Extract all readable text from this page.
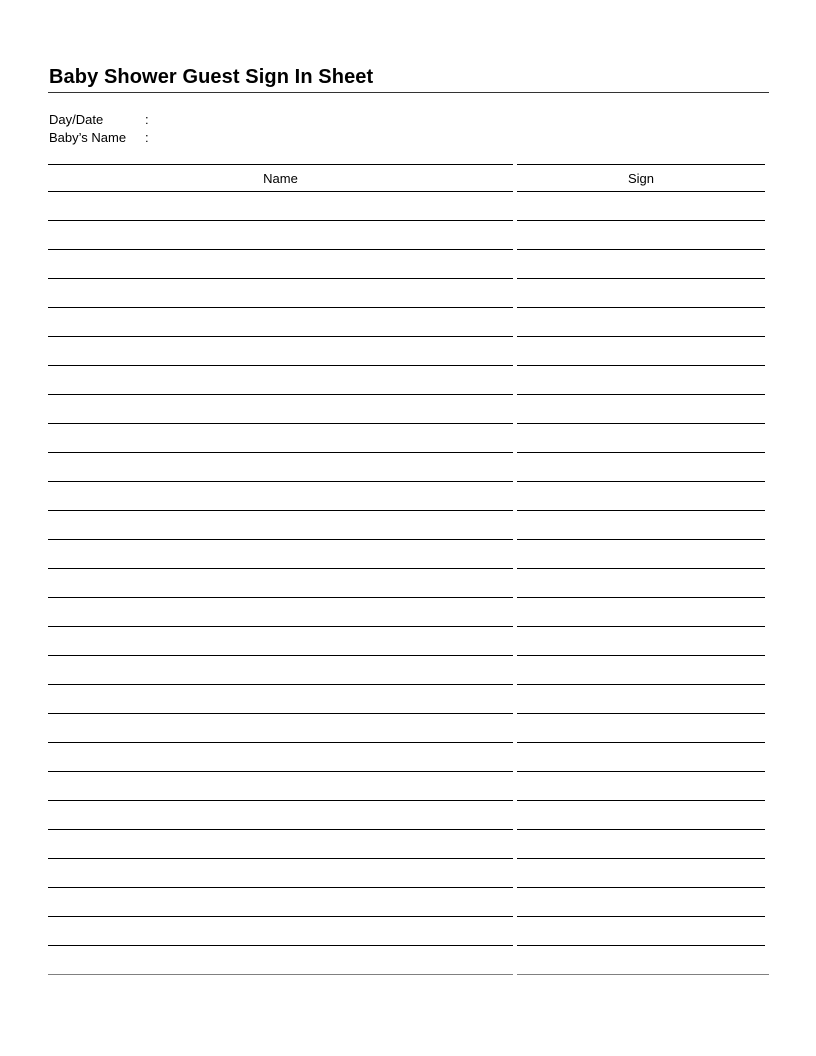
Baby Shower Guest Sign In Sheet
Day/Date	:
Baby’s Name :
Name	Sign
